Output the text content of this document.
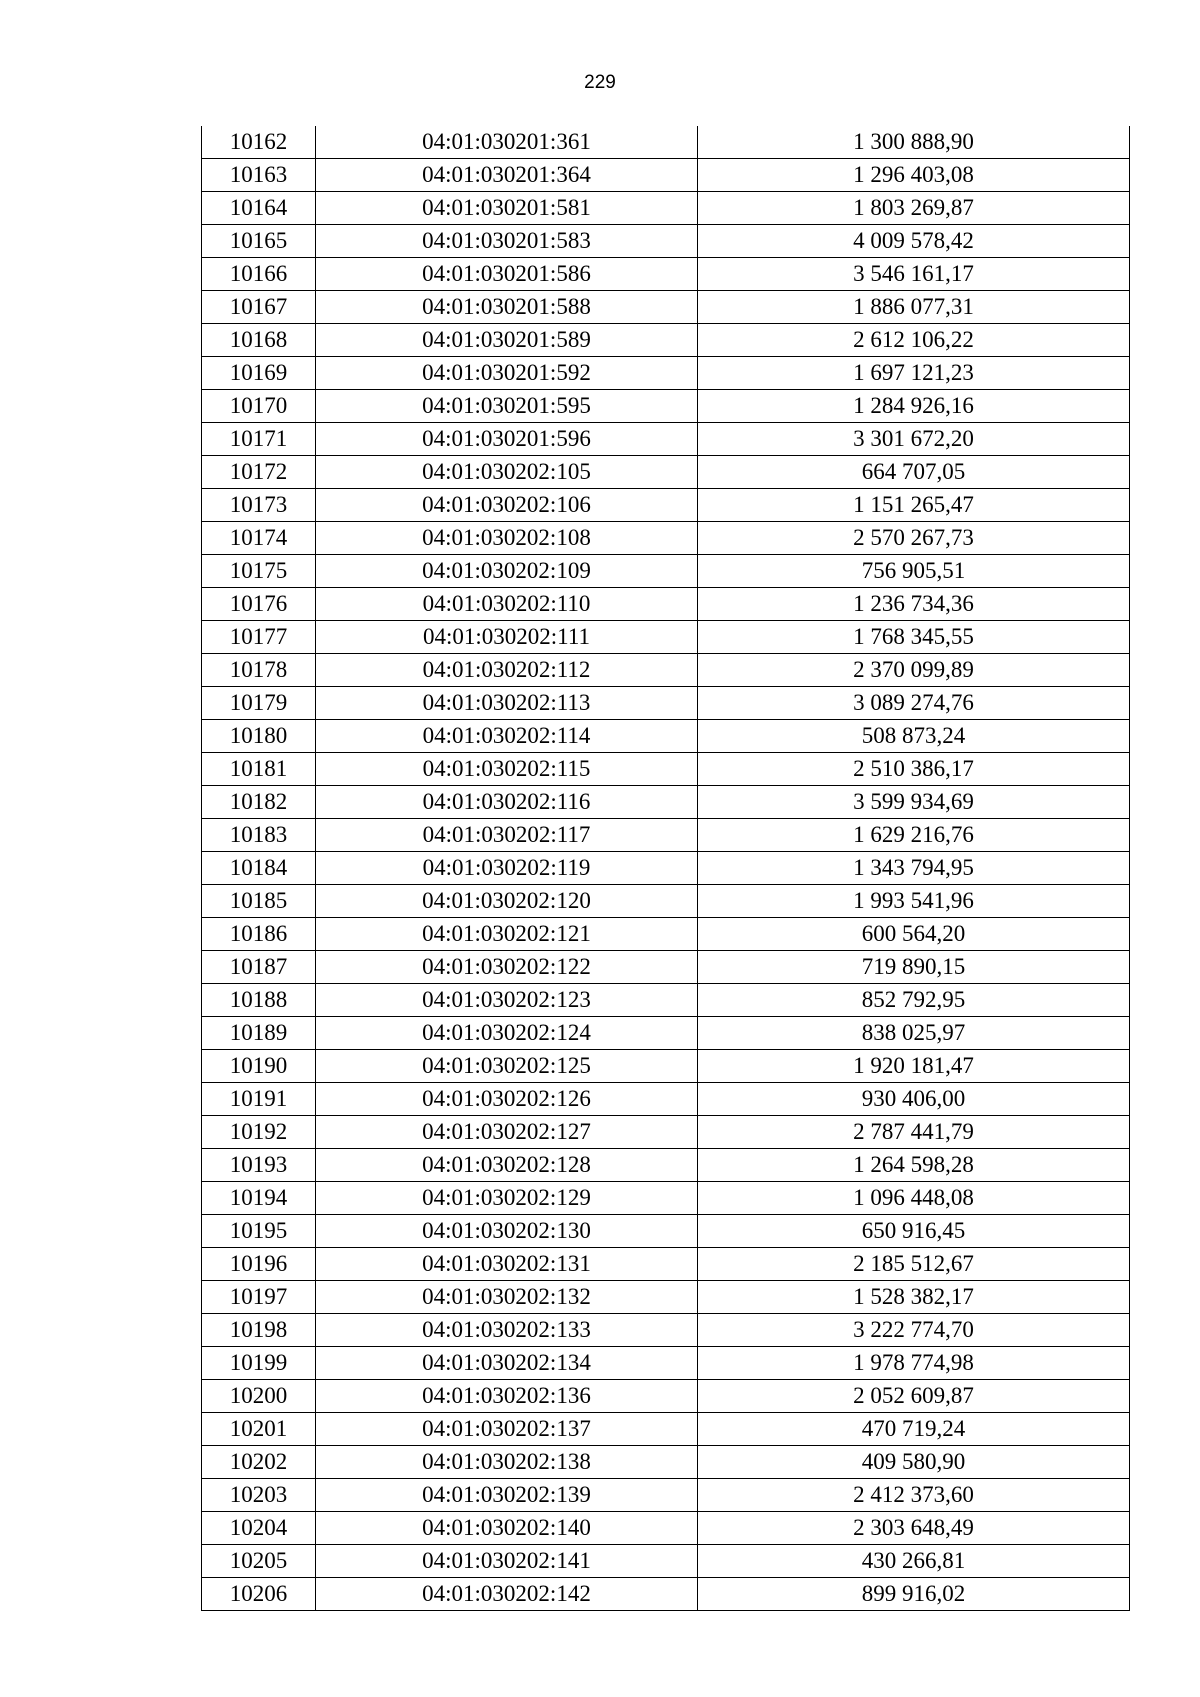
229
10162	04:01:030201:361	1 300 888,90
10163	04:01:030201:364	1 296 403,08
10164	04:01:030201:581	1 803 269,87
10165	04:01:030201:583	4 009 578,42
10166	04:01:030201:586	3 546 161,17
10167	04:01:030201:588	1 886 077,31
10168	04:01:030201:589	2 612 106,22
10169	04:01:030201:592	1 697 121,23
10170	04:01:030201:595	1 284 926,16
10171	04:01:030201:596	3 301 672,20
10172	04:01:030202:105	664 707,05
10173	04:01:030202:106	1 151 265,47
10174	04:01:030202:108	2 570 267,73
10175	04:01:030202:109	756 905,51
10176	04:01:030202:110	1 236 734,36
10177	04:01:030202:111	1 768 345,55
10178	04:01:030202:112	2 370 099,89
10179	04:01:030202:113	3 089 274,76
10180	04:01:030202:114	508 873,24
10181	04:01:030202:115	2 510 386,17
10182	04:01:030202:116	3 599 934,69
10183	04:01:030202:117	1 629 216,76
10184	04:01:030202:119	1 343 794,95
10185	04:01:030202:120	1 993 541,96
10186	04:01:030202:121	600 564,20
10187	04:01:030202:122	719 890,15
10188	04:01:030202:123	852 792,95
10189	04:01:030202:124	838 025,97
10190	04:01:030202:125	1 920 181,47
10191	04:01:030202:126	930 406,00
10192	04:01:030202:127	2 787 441,79
10193	04:01:030202:128	1 264 598,28
10194	04:01:030202:129	1 096 448,08
10195	04:01:030202:130	650 916,45
10196	04:01:030202:131	2 185 512,67
10197	04:01:030202:132	1 528 382,17
10198	04:01:030202:133	3 222 774,70
10199	04:01:030202:134	1 978 774,98
10200	04:01:030202:136	2 052 609,87
10201	04:01:030202:137	470 719,24
10202	04:01:030202:138	409 580,90
10203	04:01:030202:139	2 412 373,60
10204	04:01:030202:140	2 303 648,49
10205	04:01:030202:141	430 266,81
10206	04:01:030202:142	899 916,02
